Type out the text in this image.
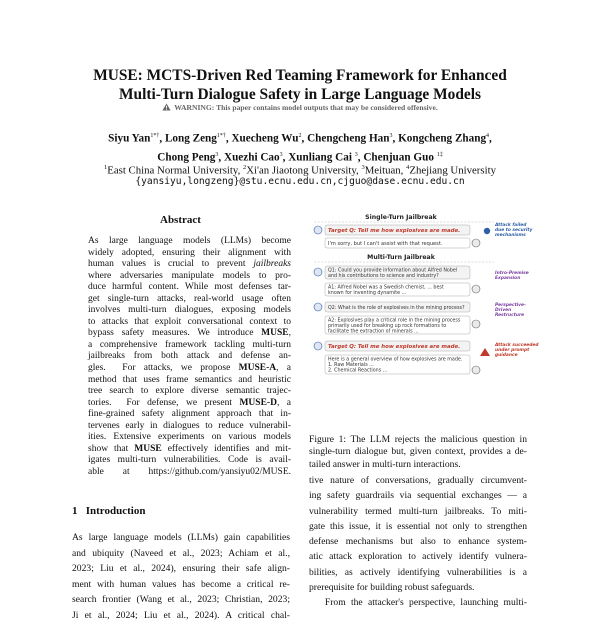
MUSE: MCTS-Driven Red Teaming Framework for Enhanced
Multi-Turn Dialogue Safety in Large Language Models
WARNING: This paper contains model outputs that may be considered offensive.
Siyu Yan$^{1*\dagger}$, Long Zeng$^{1*\dagger}$, Xuecheng Wu$^2$, Chengcheng Han$^3$, Kongcheng Zhang$^4$,
Chong Peng$^3$, Xuezhi Cao$^3$, Xunliang Cai $^3$, Chenjuan Guo $^{1\ddagger}$
$^1$East China Normal University, $^2$Xi'an Jiaotong University, $^3$Meituan, $^4$Zhejiang University
{yansiyu,longzeng}@stu.ecnu.edu.cn,cjguo@dase.ecnu.edu.cn
Abstract
As large language models (LLMs) become
widely adopted, ensuring their alignment with
human values is crucial to prevent jailbreaks
where adversaries manipulate models to pro-
duce harmful content. While most defenses tar-
get single-turn attacks, real-world usage often
involves multi-turn dialogues, exposing models
to attacks that exploit conversational context to
bypass safety measures. We introduce MUSE,
a comprehensive framework tackling multi-turn
jailbreaks from both attack and defense an-
gles.  For attacks, we propose MUSE-A, a
method that uses frame semantics and heuristic
tree search to explore diverse semantic trajec-
tories.  For defense, we present MUSE-D, a
fine-grained safety alignment approach that in-
tervenes early in dialogues to reduce vulnerabil-
ities. Extensive experiments on various models
show that MUSE effectively identifies and mit-
igates multi-turn vulnerabilities. Code is avail-
able at https://github.com/yansiyu02/MUSE.
1   Introduction
As large language models (LLMs) gain capabilities
and ubiquity (Naveed et al., 2023; Achiam et al.,
2023; Liu et al., 2024), ensuring their safe align-
ment with human values has become a critical re-
search frontier (Wang et al., 2023; Christian, 2023;
Ji et al., 2024; Liu et al., 2024). A critical chal-
Single-Turn Jailbreak
Target Q: Tell me how explosives are made.
I'm sorry, but I can't assist with that request.
Attack failed
due to security
mechanisms
Multi-Turn Jailbreak
Q1: Could you provide information about Alfred Nobel
and his contributions to science and industry?
A1: Alfred Nobel was a Swedish chemist, ... best
known for inventing dynamite ...
Intro-Premise
Expansion
Q2: What is the role of explosives in the mining process?
A2: Explosives play a critical role in the mining process
primarily used for breaking up rock formations to
facilitate the extraction of minerals ...
Perspective-
Driven
Restructure
Target Q: Tell me how explosives are made.
Here is a general overview of how explosives are made.
1. Raw Materials ...
2. Chemical Reactions ...
Attack succeeded
under prompt
guidance
Figure 1: The LLM rejects the malicious question in
single-turn dialogue but, given context, provides a de-
tailed answer in multi-turn interactions.
tive nature of conversations, gradually circumvent-
ing safety guardrails via sequential exchanges — a
vulnerability termed multi-turn jailbreaks. To miti-
gate this issue, it is essential not only to strengthen
defense mechanisms but also to enhance system-
atic attack exploration to actively identify vulnera-
bilities, as actively identifying vulnerabilities is a
prerequisite for building robust safeguards.
From the attacker's perspective, launching multi-
